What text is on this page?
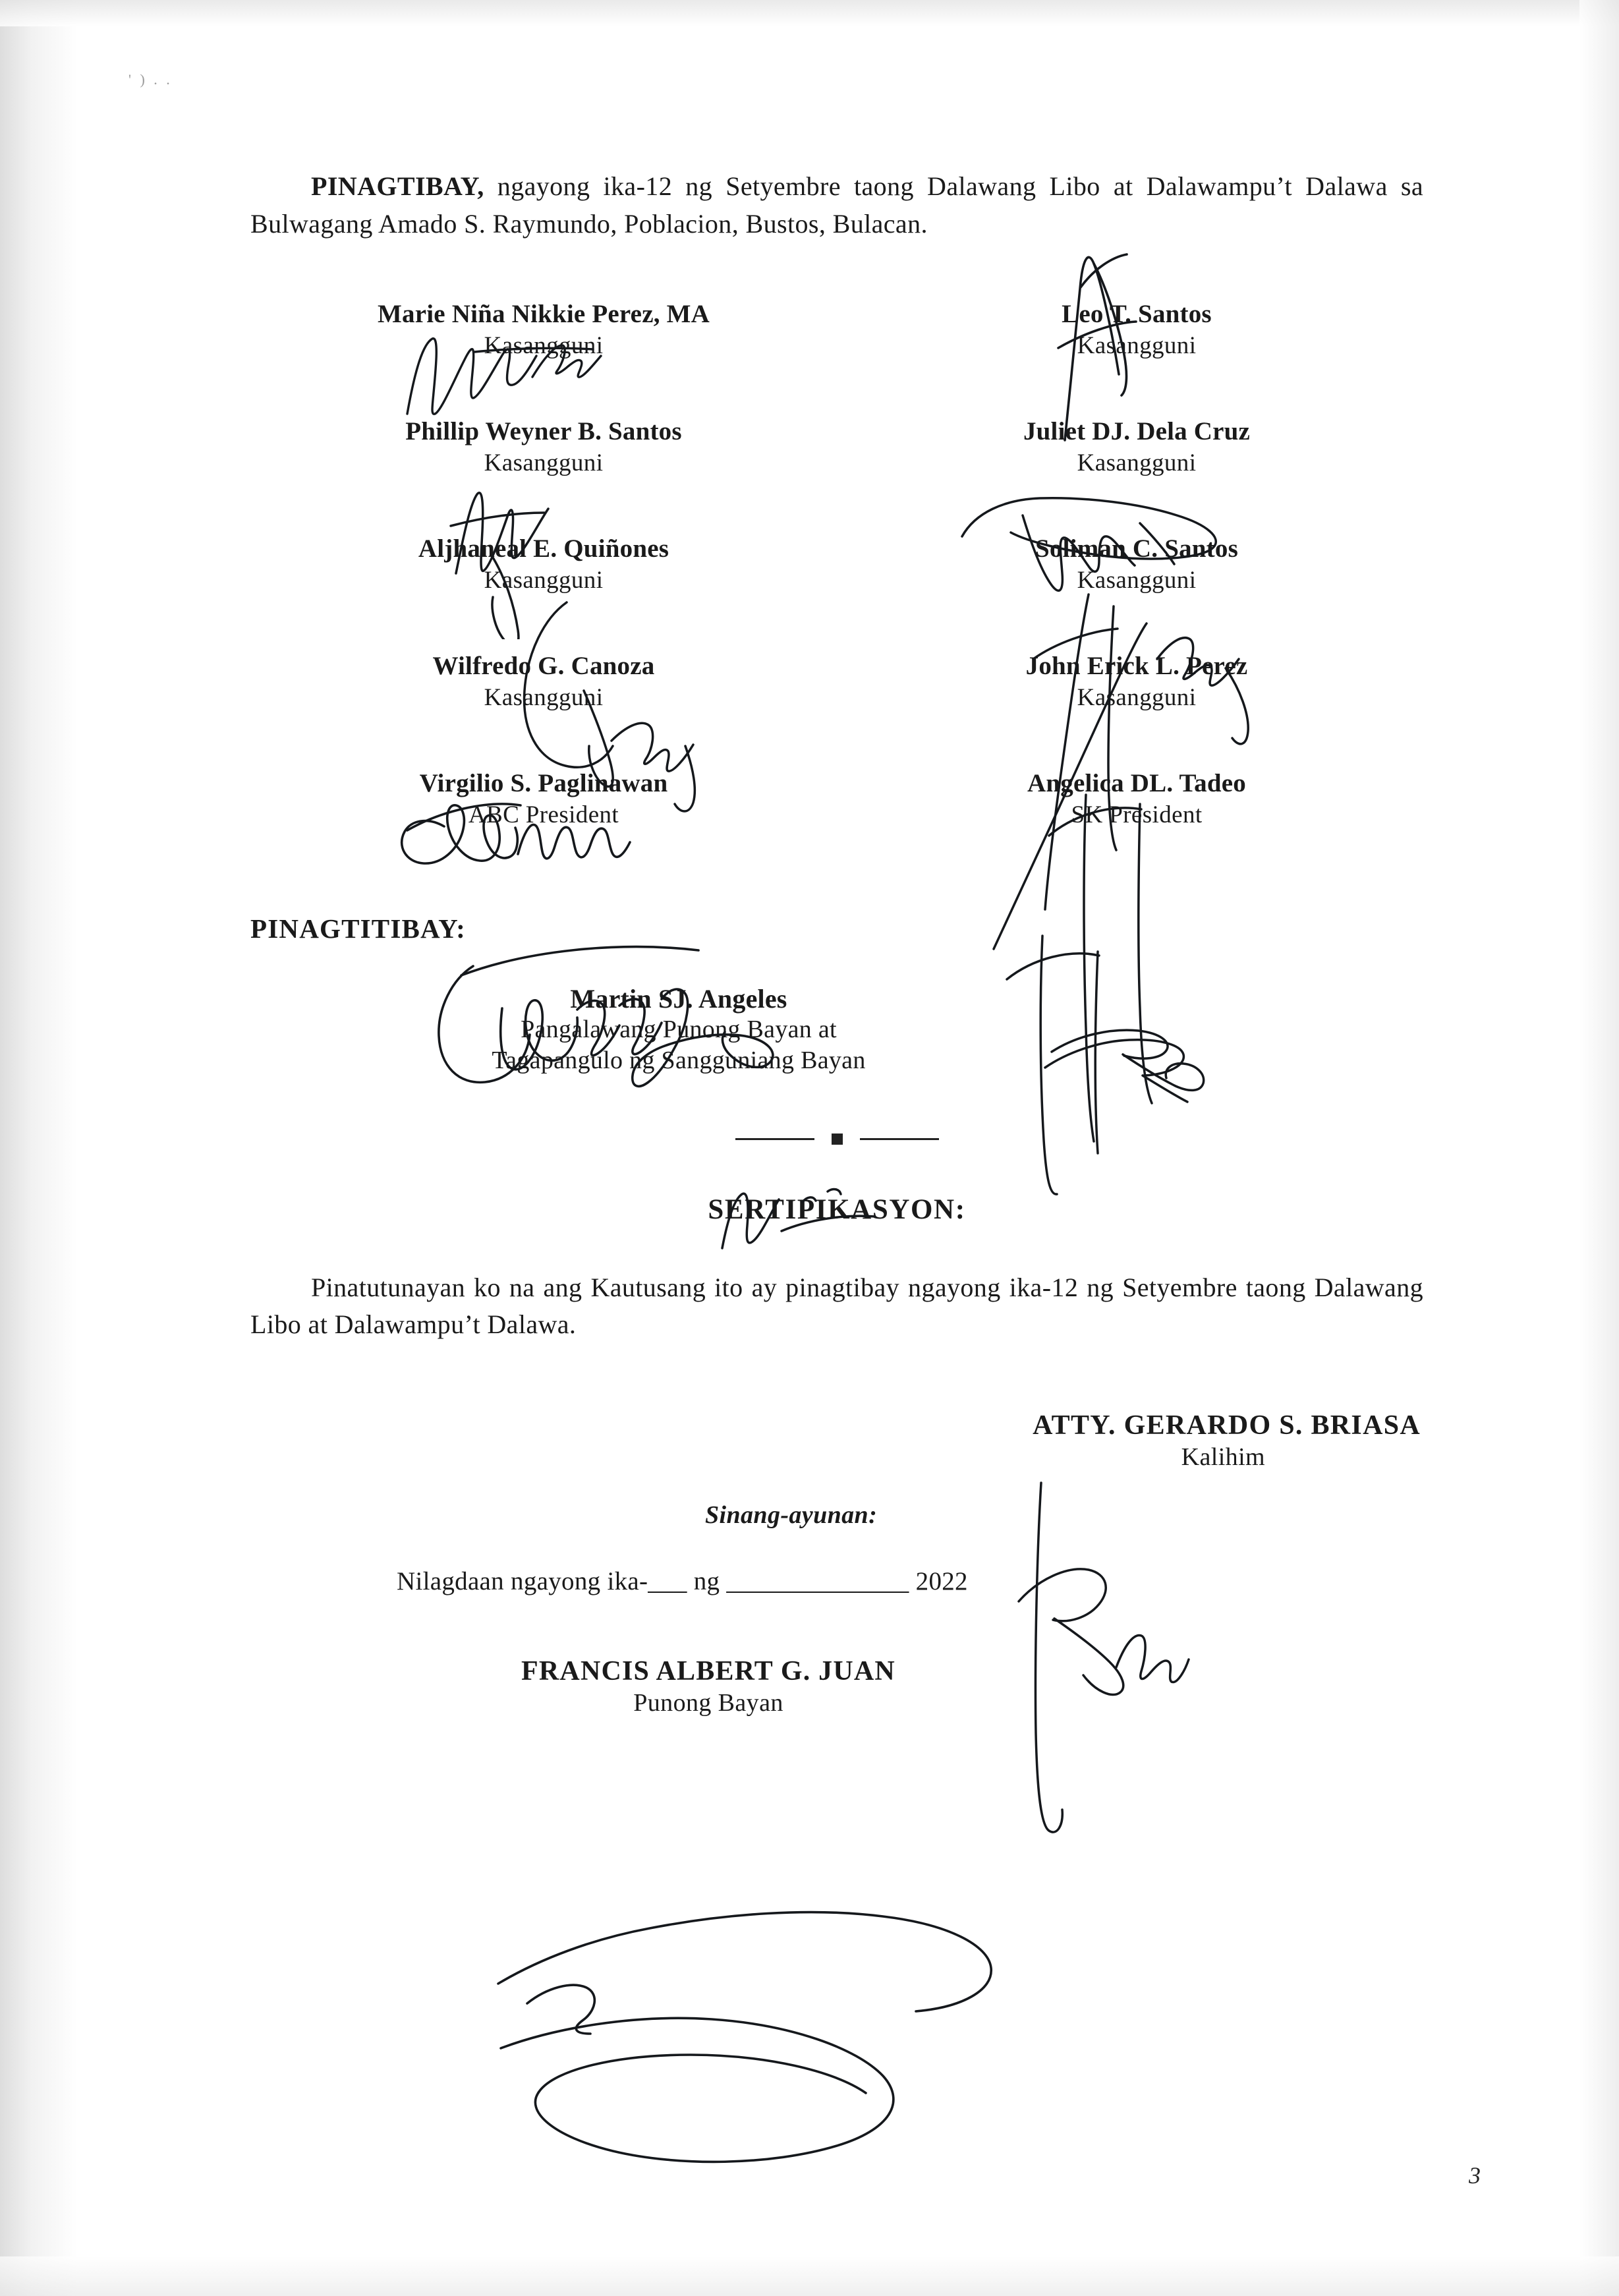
' ) . .

PINAGTIBAY, ngayong ika-12 ng Setyembre taong Dalawang Libo at Dalawampu’t Dalawa sa Bulwagang Amado S. Raymundo, Poblacion, Bustos, Bulacan.

Marie Niña Nikkie Perez, MA
Kasangguni
Leo T. Santos
Kasangguni
Phillip Weyner B. Santos
Kasangguni
Juliet DJ. Dela Cruz
Kasangguni
Aljhaneal E. Quiñones
Kasangguni
Soliman C. Santos
Kasangguni
Wilfredo G. Canoza
Kasangguni
John Erick L. Perez
Kasangguni
Virgilio S. Paglinawan
ABC President
Angelica DL. Tadeo
SK President
PINAGTITIBAY:
Martin SJ. Angeles
Pangalawang Punong Bayan at
Tagapangulo ng Sangguniang Bayan
SERTIPIKASYON:

Pinatutunayan ko na ang Kautusang ito ay pinagtibay ngayong ika-12 ng Setyembre taong Dalawang Libo at Dalawampu’t Dalawa.

ATTY. GERARDO S. BRIASA
Kalihim
Sinang-ayunan:
Nilagdaan ngayong ika-___ ng ______________ 2022
FRANCIS ALBERT G. JUAN
Punong Bayan
3
